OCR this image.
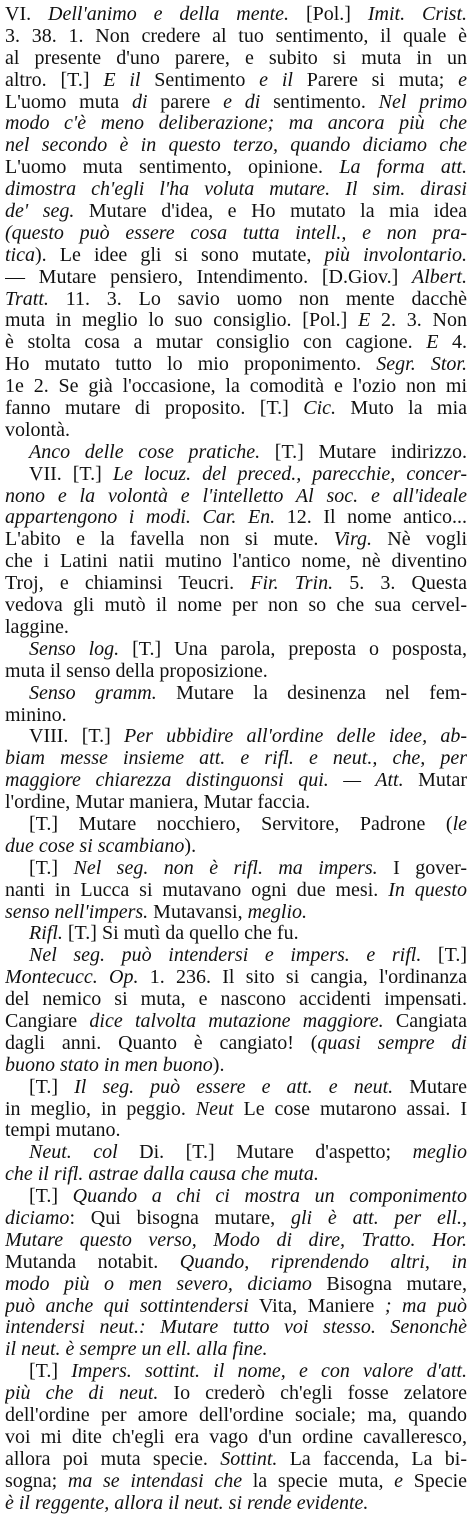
VI. Dell'animo e della mente. [Pol.] Imit. Crist.
3. 38. 1. Non credere al tuo sentimento, il quale è
al presente d'uno parere, e subito si muta in un
altro. [T.] E il Sentimento e il Parere si muta; e
L'uomo muta di parere e di sentimento. Nel primo
modo c'è meno deliberazione; ma ancora più che
nel secondo è in questo terzo, quando diciamo che
L'uomo muta sentimento, opinione. La forma att.
dimostra ch'egli l'ha voluta mutare. Il sim. dirasi
de' seg. Mutare d'idea, e Ho mutato la mia idea
(questo può essere cosa tutta intell., e non pra-
tica). Le idee gli si sono mutate, più involontario.
— Mutare pensiero, Intendimento. [D.Giov.] Albert.
Tratt. 11. 3. Lo savio uomo non mente dacchè
muta in meglio lo suo consiglio. [Pol.] E 2. 3. Non
è stolta cosa a mutar consiglio con cagione. E 4.
Ho mutato tutto lo mio proponimento. Segr. Stor.
1e 2. Se già l'occasione, la comodità e l'ozio non mi
fanno mutare di proposito. [T.] Cic. Muto la mia
volontà.
Anco delle cose pratiche. [T.] Mutare indirizzo.
VII. [T.] Le locuz. del preced., parecchie, concer-
nono e la volontà e l'intelletto Al soc. e all'ideale
appartengono i modi. Car. En. 12. Il nome antico...
L'abito e la favella non si mute. Virg. Nè vogli
che i Latini natii mutino l'antico nome, nè diventino
Troj, e chiaminsi Teucri. Fir. Trin. 5. 3. Questa
vedova gli mutò il nome per non so che sua cervel-
laggine.
Senso log. [T.] Una parola, preposta o posposta,
muta il senso della proposizione.
Senso gramm. Mutare la desinenza nel fem-
minino.
VIII. [T.] Per ubbidire all'ordine delle idee, ab-
biam messe insieme att. e rifl. e neut., che, per
maggiore chiarezza distinguonsi qui. — Att. Mutar
l'ordine, Mutar maniera, Mutar faccia.
[T.] Mutare nocchiero, Servitore, Padrone (le
due cose si scambiano).
[T.] Nel seg. non è rifl. ma impers. I gover-
nanti in Lucca si mutavano ogni due mesi. In questo
senso nell'impers. Mutavansi, meglio.
Rifl. [T.] Si mutì da quello che fu.
Nel seg. può intendersi e impers. e rifl. [T.]
Montecucc. Op. 1. 236. Il sito si cangia, l'ordinanza
del nemico si muta, e nascono accidenti impensati.
Cangiare dice talvolta mutazione maggiore. Cangiata
dagli anni. Quanto è cangiato! (quasi sempre di
buono stato in men buono).
[T.] Il seg. può essere e att. e neut. Mutare
in meglio, in peggio. Neut Le cose mutarono assai. I
tempi mutano.
Neut. col Di. [T.] Mutare d'aspetto; meglio
che il rifl. astrae dalla causa che muta.
[T.] Quando a chi ci mostra un componimento
diciamo: Qui bisogna mutare, gli è att. per ell.,
Mutare questo verso, Modo di dire, Tratto. Hor.
Mutanda notabit. Quando, riprendendo altri, in
modo più o men severo, diciamo Bisogna mutare,
può anche qui sottintendersi Vita, Maniere ; ma può
intendersi neut.: Mutare tutto voi stesso. Senonchè
il neut. è sempre un ell. alla fine.
[T.] Impers. sottint. il nome, e con valore d'att.
più che di neut. Io crederò ch'egli fosse zelatore
dell'ordine per amore dell'ordine sociale; ma, quando
voi mi dite ch'egli era vago d'un ordine cavalleresco,
allora poi muta specie. Sottint. La faccenda, La bi-
sogna; ma se intendasi che la specie muta, e Specie
è il reggente, allora il neut. si rende evidente.
